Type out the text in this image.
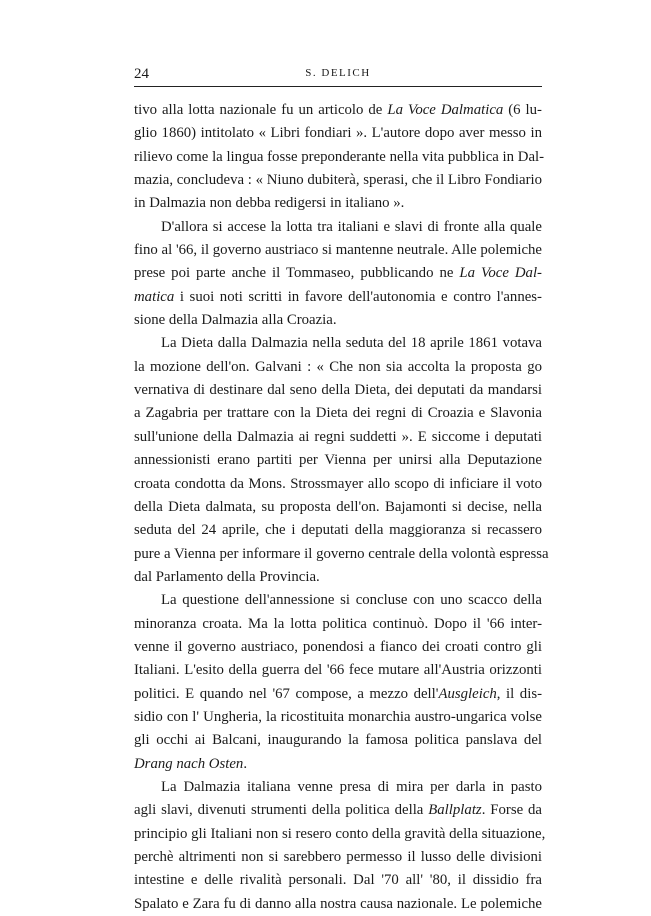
24	S. DELICH
tivo alla lotta nazionale fu un articolo de La Voce Dalmatica (6 lu-
glio 1860) intitolato « Libri fondiari ». L'autore dopo aver messo in
rilievo come la lingua fosse preponderante nella vita pubblica in Dal-
mazia, concludeva : « Niuno dubiterà, sperasi, che il Libro Fondiario
in Dalmazia non debba redigersi in italiano ».
D'allora si accese la lotta tra italiani e slavi di fronte alla quale
fino al '66, il governo austriaco si mantenne neutrale. Alle polemiche
prese poi parte anche il Tommaseo, pubblicando ne La Voce Dal-
matica i suoi noti scritti in favore dell'autonomia e contro l'annes-
sione della Dalmazia alla Croazia.
La Dieta dalla Dalmazia nella seduta del 18 aprile 1861 votava
la mozione dell'on. Galvani : « Che non sia accolta la proposta go
vernativa di destinare dal seno della Dieta, dei deputati da mandarsi
a Zagabria per trattare con la Dieta dei regni di Croazia e Slavonia
sull'unione della Dalmazia ai regni suddetti ». E siccome i deputati
annessionisti erano partiti per Vienna per unirsi alla Deputazione
croata condotta da Mons. Strossmayer allo scopo di inficiare il voto
della Dieta dalmata, su proposta dell'on. Bajamonti si decise, nella
seduta del 24 aprile, che i deputati della maggioranza si recassero
pure a Vienna per informare il governo centrale della volontà espressa
dal Parlamento della Provincia.
La questione dell'annessione si concluse con uno scacco della
minoranza croata. Ma la lotta politica continuò. Dopo il '66 inter-
venne il governo austriaco, ponendosi a fianco dei croati contro gli
Italiani. L'esito della guerra del '66 fece mutare all'Austria orizzonti
politici. E quando nel '67 compose, a mezzo dell'Ausgleich, il dis-
sidio con l' Ungheria, la ricostituita monarchia austro-ungarica volse
gli occhi ai Balcani, inaugurando la famosa politica panslava del
Drang nach Osten.
La Dalmazia italiana venne presa di mira per darla in pasto
agli slavi, divenuti strumenti della politica della Ballplatz. Forse da
principio gli Italiani non si resero conto della gravità della situazione,
perchè altrimenti non si sarebbero permesso il lusso delle divisioni
intestine e delle rivalità personali. Dal '70 all' '80, il dissidio fra
Spalato e Zara fu di danno alla nostra causa nazionale. Le polemiche
